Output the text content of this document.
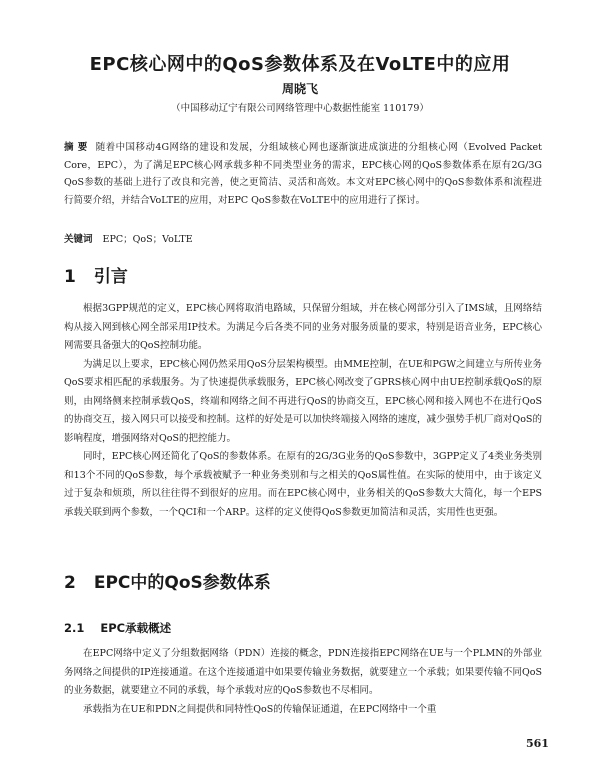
EPC核心网中的QoS参数体系及在VoLTE中的应用
周晓飞
（中国移动辽宁有限公司网络管理中心数据性能室 110179）
摘 要 随着中国移动4G网络的建设和发展，分组域核心网也逐渐演进成演进的分组核心网（Evolved Packet Core，EPC），为了满足EPC核心网承载多种不同类型业务的需求，EPC核心网的QoS参数体系在原有2G/3G QoS参数的基础上进行了改良和完善，使之更简洁、灵活和高效。本文对EPC核心网中的QoS参数体系和流程进行简要介绍，并结合VoLTE的应用，对EPC QoS参数在VoLTE中的应用进行了探讨。
关键词 EPC；QoS；VoLTE
1 引言

根据3GPP规范的定义，EPC核心网将取消电路域，只保留分组域，并在核心网部分引入了IMS域，且网络结构从接入网到核心网全部采用IP技术。为满足今后各类不同的业务对服务质量的要求，特别是语音业务，EPC核心网需要具备强大的QoS控制功能。

为满足以上要求，EPC核心网仍然采用QoS分层架构模型。由MME控制，在UE和PGW之间建立与所传业务QoS要求相匹配的承载服务。为了快速提供承载服务，EPC核心网改变了GPRS核心网中由UE控制承载QoS的原则，由网络侧来控制承载QoS，终端和网络之间不再进行QoS的协商交互，EPC核心网和接入网也不在进行QoS的协商交互，接入网只可以接受和控制。这样的好处是可以加快终端接入网络的速度，减少强势手机厂商对QoS的影响程度，增强网络对QoS的把控能力。

同时，EPC核心网还简化了QoS的参数体系。在原有的2G/3G业务的QoS参数中，3GPP定义了4类业务类别和13个不同的QoS参数，每个承载被赋予一种业务类别和与之相关的QoS属性值。在实际的使用中，由于该定义过于复杂和烦琐，所以往往得不到很好的应用。而在EPC核心网中，业务相关的QoS参数大大简化，每一个EPS承载关联到两个参数，一个QCI和一个ARP。这样的定义使得QoS参数更加简洁和灵活，实用性也更强。

2 EPC中的QoS参数体系
2.1 EPC承载概述

在EPC网络中定义了分组数据网络（PDN）连接的概念，PDN连接指EPC网络在UE与一个PLMN的外部业务网络之间提供的IP连接通道。在这个连接通道中如果要传输业务数据，就要建立一个承载；如果要传输不同QoS的业务数据，就要建立不同的承载，每个承载对应的QoS参数也不尽相同。

承载指为在UE和PDN之间提供和同特性QoS的传输保证通道，在EPC网络中一个重

561
